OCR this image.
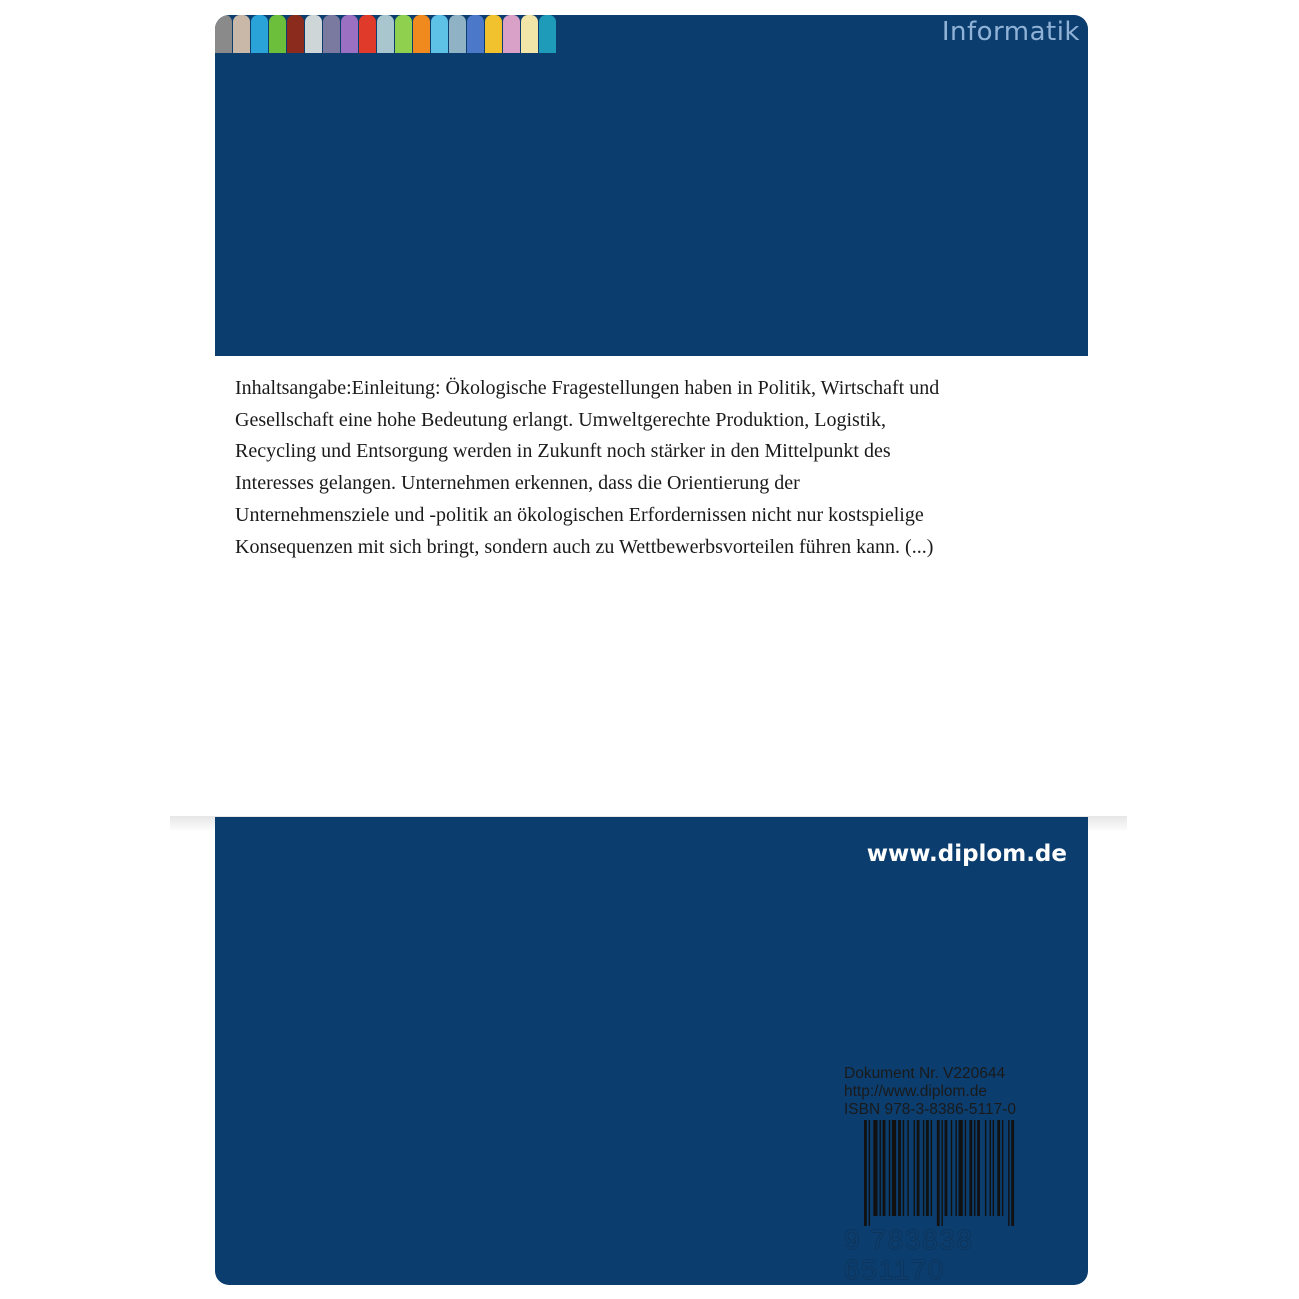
Informatik

Inhaltsangabe:Einleitung: Ökologische Fragestellungen haben in Politik, Wirtschaft und Gesellschaft eine hohe Bedeutung erlangt. Umweltgerechte Produktion, Logistik, Recycling und Entsorgung werden in Zukunft noch stärker in den Mittelpunkt des Interesses gelangen. Unternehmen erkennen, dass die Orientierung der Unternehmensziele und -politik an ökologischen Erfordernissen nicht nur kostspielige Konsequenzen mit sich bringt, sondern auch zu Wettbewerbsvorteilen führen kann. (...)

www.diplom.de
Dokument Nr. V220644
http://www.diplom.de
ISBN 978-3-8386-5117-0
9 783838 651170
